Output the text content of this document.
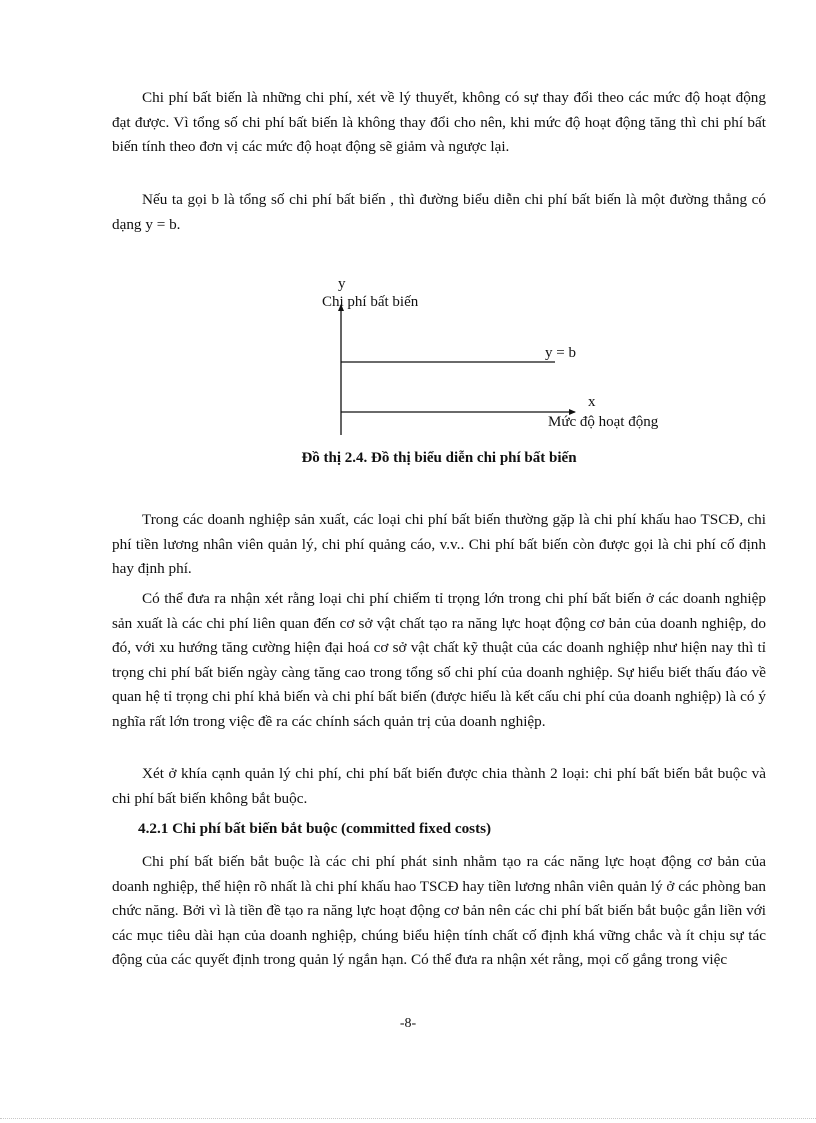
Chi phí bất biến là những chi phí, xét về lý thuyết, không có sự thay đổi theo các mức độ hoạt động đạt được. Vì tổng số chi phí bất biến là không thay đổi cho nên, khi mức độ hoạt động tăng thì chi phí bất biến tính theo đơn vị các mức độ hoạt động sẽ giảm và ngược lại.

Nếu ta gọi b là tổng số chi phí bất biến , thì đường biểu diễn chi phí bất biến là một đường thẳng có dạng y = b.

y
Chi phí bất biến
x
Mức độ hoạt động
y = b
Đồ thị 2.4. Đồ thị biểu diễn chi phí bất biến

Trong các doanh nghiệp sản xuất, các loại chi phí bất biến thường gặp là chi phí khấu hao TSCĐ, chi phí tiền lương nhân viên quản lý, chi phí quảng cáo, v.v.. Chi phí bất biến còn được gọi là chi phí cố định hay định phí.

Có thể đưa ra nhận xét rằng loại chi phí chiếm tỉ trọng lớn trong chi phí bất biến ở các doanh nghiệp sản xuất là các chi phí liên quan đến cơ sở vật chất tạo ra năng lực hoạt động cơ bản của doanh nghiệp, do đó, với xu hướng tăng cường hiện đại hoá cơ sở vật chất kỹ thuật của các doanh nghiệp như hiện nay thì tỉ trọng chi phí bất biến ngày càng tăng cao trong tổng số chi phí của doanh nghiệp. Sự hiểu biết thấu đáo về quan hệ tỉ trọng chi phí khả biến và chi phí bất biến (được hiểu là kết cấu chi phí của doanh nghiệp) là có ý nghĩa rất lớn trong việc đề ra các chính sách quản trị của doanh nghiệp.

Xét ở khía cạnh quản lý chi phí, chi phí bất biến được chia thành 2 loại: chi phí bất biến bắt buộc và chi phí bất biến không bắt buộc.

4.2.1 Chi phí bất biến bắt buộc (committed fixed costs)

Chi phí bất biến bắt buộc là các chi phí phát sinh nhằm tạo ra các năng lực hoạt động cơ bản của doanh nghiệp, thể hiện rõ nhất là chi phí khấu hao TSCĐ hay tiền lương nhân viên quản lý ở các phòng ban chức năng. Bởi vì là tiền đề tạo ra năng lực hoạt động cơ bản nên các chi phí bất biến bắt buộc gắn liền với các mục tiêu dài hạn của doanh nghiệp, chúng biểu hiện tính chất cố định khá vững chắc và ít chịu sự tác động của các quyết định trong quản lý ngắn hạn. Có thể đưa ra nhận xét rằng, mọi cố gắng trong việc

-8-
